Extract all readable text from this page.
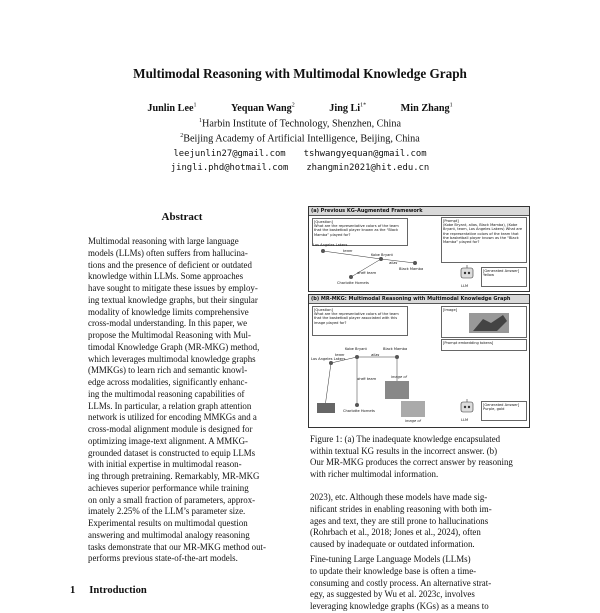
Multimodal Reasoning with Multimodal Knowledge Graph
Junlin Lee$^1$	Yequan Wang$^2$	Jing $Li^{1*}$	Min Zhang$^1$
$^1$Harbin Institute of Technology, Shenzhen, China
$^2$Beijing Academy of Artificial Intelligence, Beijing, China
leejunlin27@gmail.com tshwangyequan@gmail.com
jingli.phd@hotmail.com zhangmin2021@hit.edu.cn
Abstract
Multimodal reasoning with large language
models (LLMs) often suffers from hallucina-
tions and the presence of deficient or outdated
knowledge within LLMs. Some approaches
have sought to mitigate these issues by employ-
ing textual knowledge graphs, but their singular
modality of knowledge limits comprehensive
cross-modal understanding. In this paper, we
propose the Multimodal Reasoning with Mul-
timodal Knowledge Graph (MR-MKG) method,
which leverages multimodal knowledge graphs
(MMKGs) to learn rich and semantic knowl-
edge across modalities, significantly enhanc-
ing the multimodal reasoning capabilities of
LLMs. In particular, a relation graph attention
network is utilized for encoding MMKGs and a
cross-modal alignment module is designed for
optimizing image-text alignment. A MMKG-
grounded dataset is constructed to equip LLMs
with initial expertise in multimodal reason-
ing through pretraining. Remarkably, MR-MKG
achieves superior performance while training
on only a small fraction of parameters, approx-
imately 2.25% of the LLM’s parameter size.
Experimental results on multimodal question
answering and multimodal analogy reasoning
tasks demonstrate that our MR-MKG method out-
performs previous state-of-the-art models.
1 Introduction
(a) Previous KG-Augmented Framework
[Question]
What are the representative colors of the team that the basketball player known as the “Black Mamba” played for?
[Prompt]
(Kobe Bryant, alias, Black Mamba), (Kobe Bryant, team, Los Angeles Lakers) What are the representative colors of the team that the basketball player known as the “Black Mamba” played for?
Los Angeles Lakers
Kobe Bryant
Black Mamba
Charlotte Hornets
team
alias
draft team
LLM
[Generated Answer]
Yellow
(b) MR-MKG: Multimodal Reasoning with Multimodal Knowledge Graph
[Question]
What are the representative colors of the team that the basketball player associated with this image played for?
[Image]
[Prompt embedding tokens]
Kobe Bryant	Black Mamba
Los Angeles Lakers
Charlotte Hornets
team	alias
draft team	image of
image of	LLM
[Generated Answer]
Purple, gold
Figure 1: (a) The inadequate knowledge encapsulated
within textual KG results in the incorrect answer. (b)
Our MR-MKG produces the correct answer by reasoning
with richer multimodal information.
2023), etc. Although these models have made sig-
nificant strides in enabling reasoning with both im-
ages and text, they are still prone to hallucinations
(Rohrbach et al., 2018; Jones et al., 2024), often
caused by inadequate or outdated information.
Fine-tuning Large Language Models (LLMs)
to update their knowledge base is often a time-
consuming and costly process. An alternative strat-
egy, as suggested by Wu et al. 2023c, involves
leveraging knowledge graphs (KGs) as a means to
